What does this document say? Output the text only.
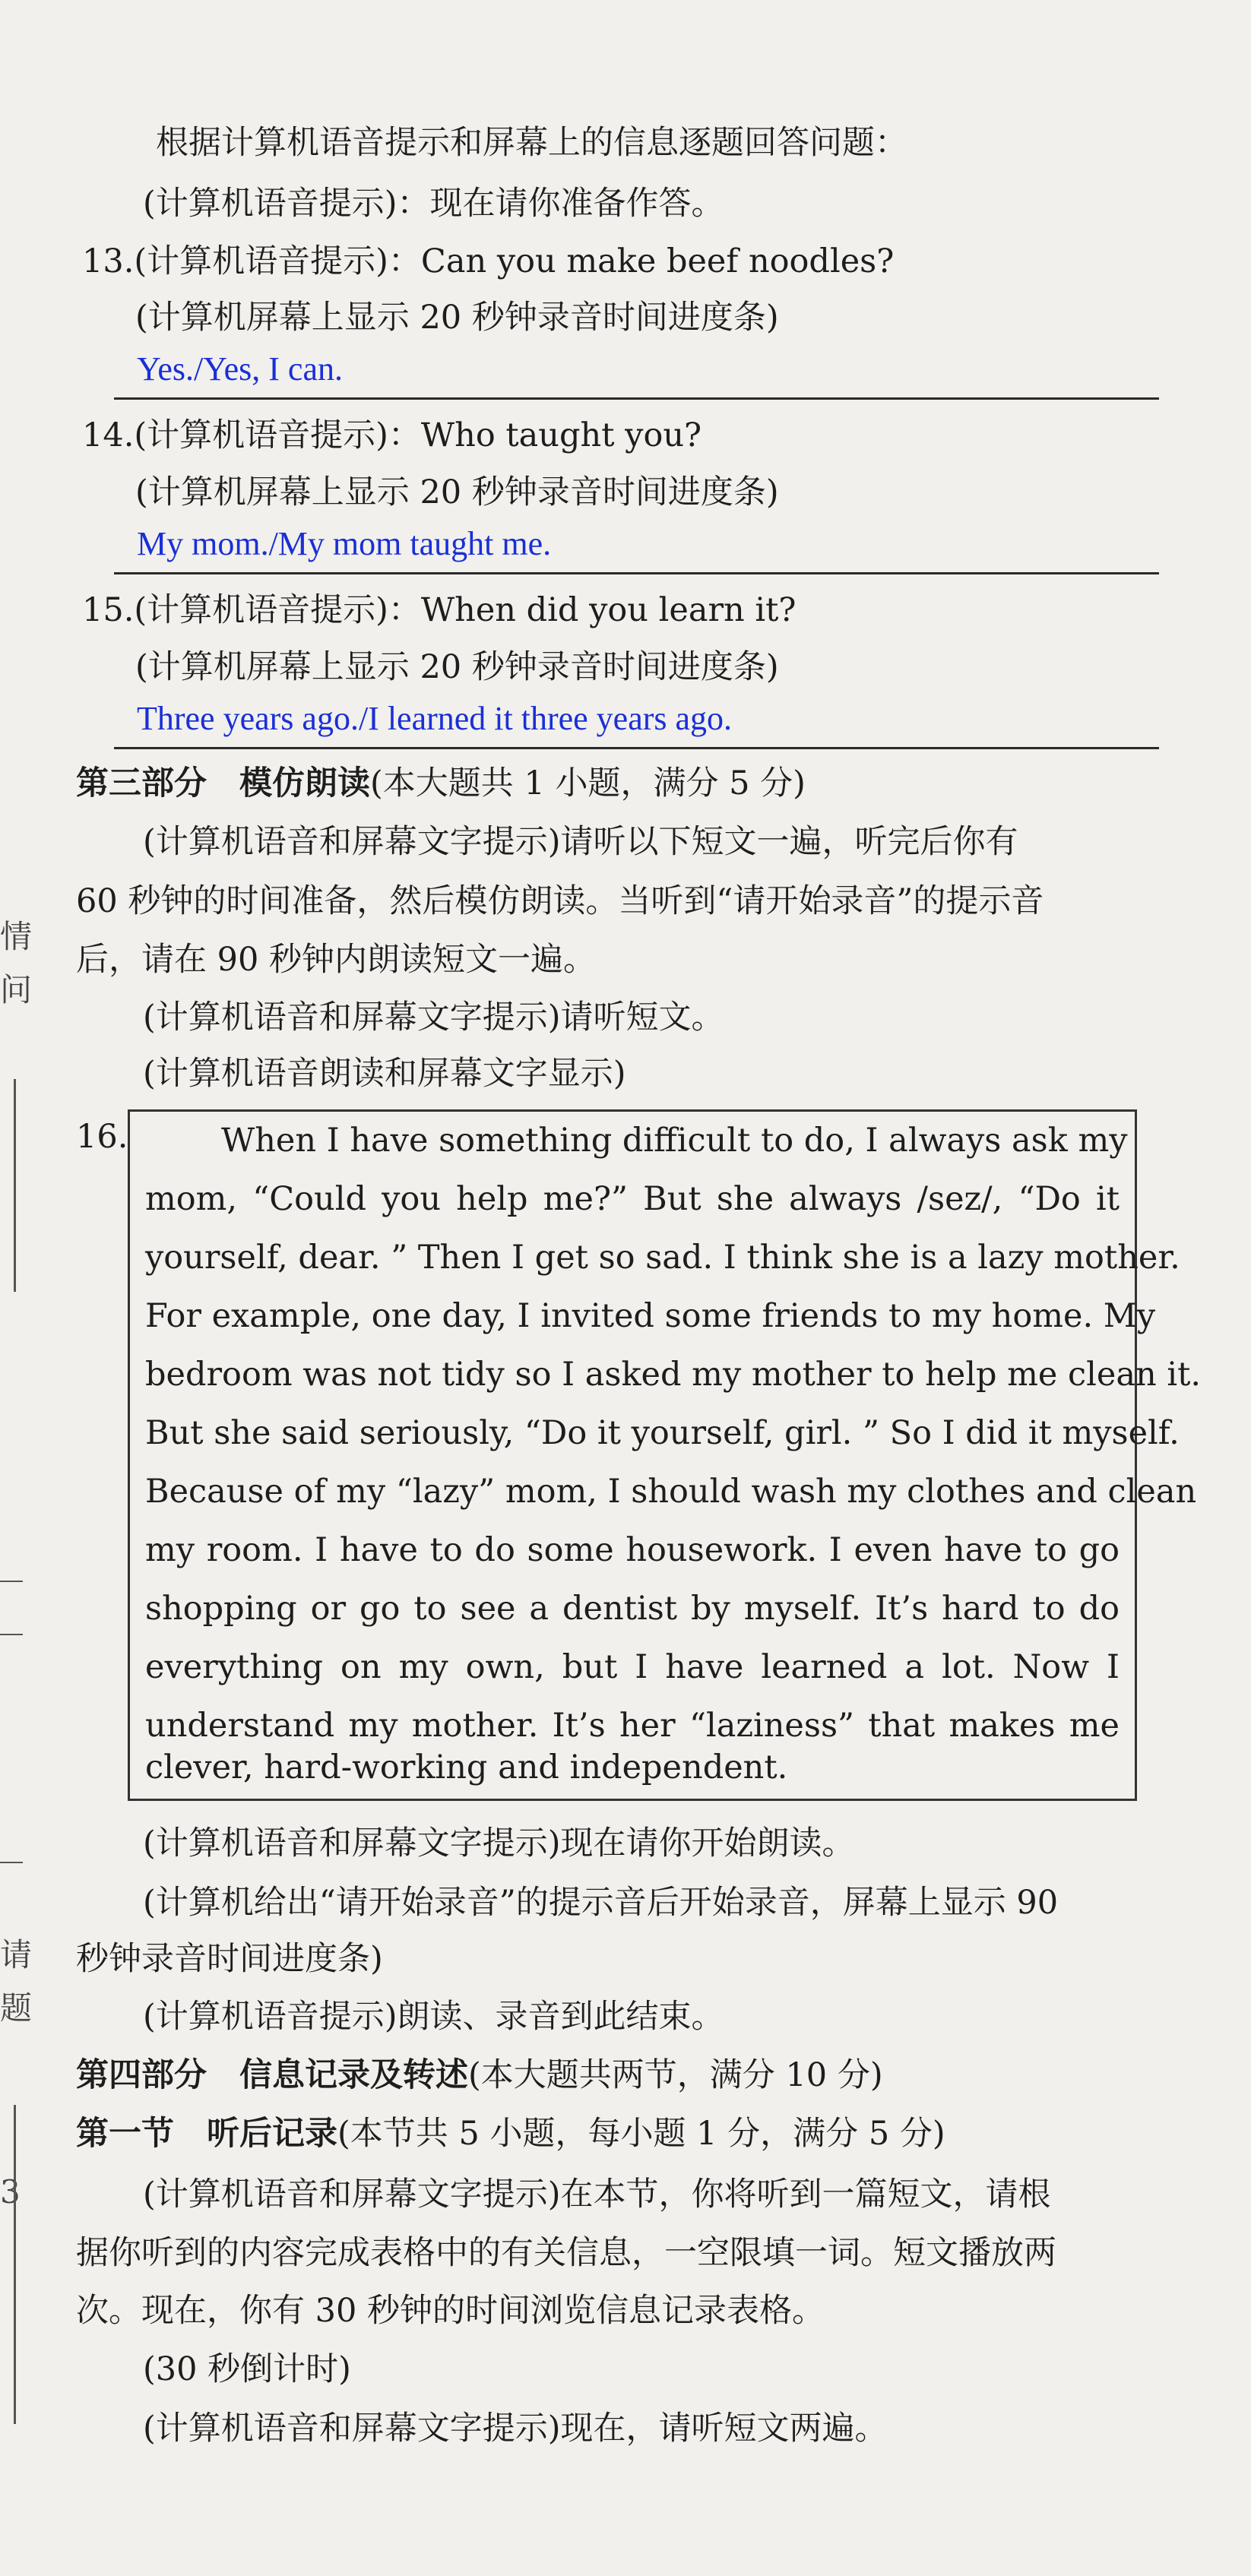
情
问
请
题
3
根据计算机语音提示和屏幕上的信息逐题回答问题：
(计算机语音提示)：现在请你准备作答。
13.(计算机语音提示)：Can you make beef noodles?
(计算机屏幕上显示 20 秒钟录音时间进度条)
Yes./Yes, I can.
14.(计算机语音提示)：Who taught you?
(计算机屏幕上显示 20 秒钟录音时间进度条)
My mom./My mom taught me.
15.(计算机语音提示)：When did you learn it?
(计算机屏幕上显示 20 秒钟录音时间进度条)
Three years ago./I learned it three years ago.
第三部分　模仿朗读(本大题共 1 小题，满分 5 分)
(计算机语音和屏幕文字提示)请听以下短文一遍，听完后你有
60 秒钟的时间准备，然后模仿朗读。当听到“请开始录音”的提示音
后，请在 90 秒钟内朗读短文一遍。
(计算机语音和屏幕文字提示)请听短文。
(计算机语音朗读和屏幕文字显示)
16.	When I have something difficult to do, I always ask my
mom, “Could you help me?” But she always /sez/, “Do it
yourself, dear. ” Then I get so sad. I think she is a lazy mother.
For example, one day, I invited some friends to my home. My
bedroom was not tidy so I asked my mother to help me clean it.
But she said seriously, “Do it yourself, girl. ” So I did it myself.
Because of my “lazy” mom, I should wash my clothes and clean
my room. I have to do some housework. I even have to go
shopping or go to see a dentist by myself. It’s hard to do
everything on my own, but I have learned a lot. Now I
understand my mother. It’s her “laziness” that makes me
clever, hard-working and independent.
(计算机语音和屏幕文字提示)现在请你开始朗读。
(计算机给出“请开始录音”的提示音后开始录音，屏幕上显示 90
秒钟录音时间进度条)
(计算机语音提示)朗读、录音到此结束。
第四部分　信息记录及转述(本大题共两节，满分 10 分)
第一节　听后记录(本节共 5 小题，每小题 1 分，满分 5 分)
(计算机语音和屏幕文字提示)在本节，你将听到一篇短文，请根
据你听到的内容完成表格中的有关信息，一空限填一词。短文播放两
次。现在，你有 30 秒钟的时间浏览信息记录表格。
(30 秒倒计时)
(计算机语音和屏幕文字提示)现在，请听短文两遍。
